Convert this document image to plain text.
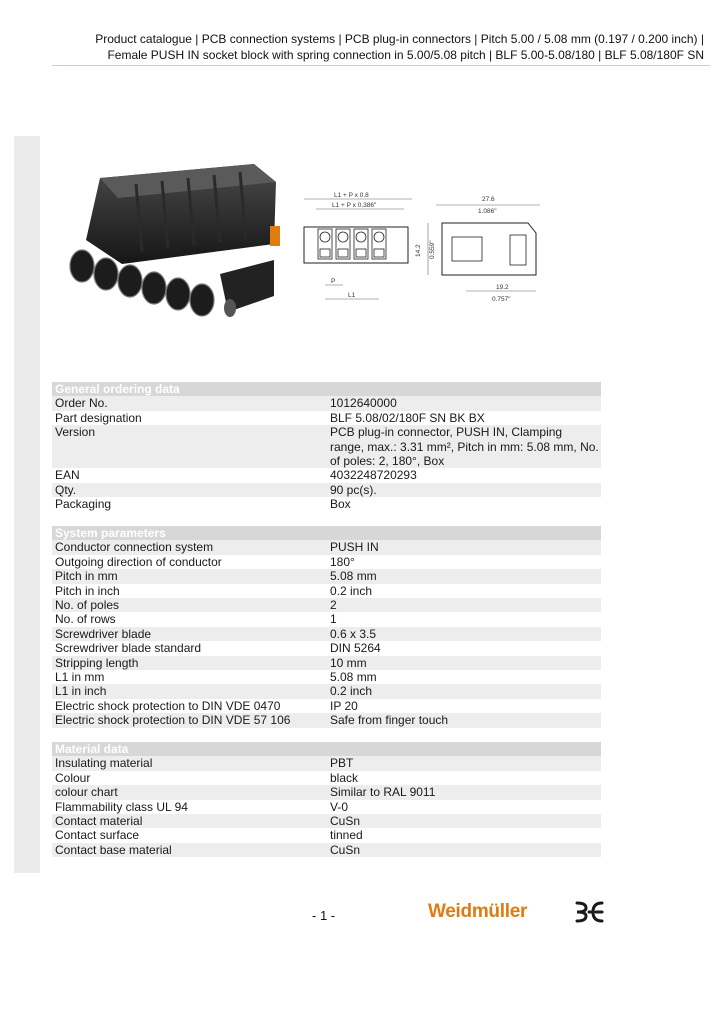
Product catalogue | PCB connection systems | PCB plug-in connectors | Pitch 5.00 / 5.08 mm (0.197 / 0.200 inch) |
Female PUSH IN socket block with spring connection in 5.00/5.08 pitch | BLF 5.00-5.08/180 | BLF 5.08/180F SN
L1 + P x 0.8
L1 + P x 0.386"
P
L1
27.6
1.086"
14.2 0.559"
19.2
0.757"
General ordering data	
Order No.	1012640000
Part designation	BLF 5.08/02/180F SN BK BX
Version	PCB plug-in connector, PUSH IN, Clamping
range, max.: 3.31 mm², Pitch in mm: 5.08 mm, No.
of poles: 2, 180°, Box

EAN	4032248720293
Qty.	90 pc(s).
Packaging	Box
System parameters	
Conductor connection system	PUSH IN
Outgoing direction of conductor	180°
Pitch in mm	5.08 mm
Pitch in inch	0.2 inch
No. of poles	2
No. of rows	1
Screwdriver blade	0.6 x 3.5
Screwdriver blade standard	DIN 5264
Stripping length	10 mm
L1 in mm	5.08 mm
L1 in inch	0.2 inch
Electric shock protection to DIN VDE 0470	IP 20
Electric shock protection to DIN VDE 57 106	Safe from finger touch
Material data	
Insulating material	PBT
Colour	black
colour chart	Similar to RAL 9011
Flammability class UL 94	V-0
Contact material	CuSn
Contact surface	tinned
Contact base material	CuSn
- 1 -	Weidmüller
